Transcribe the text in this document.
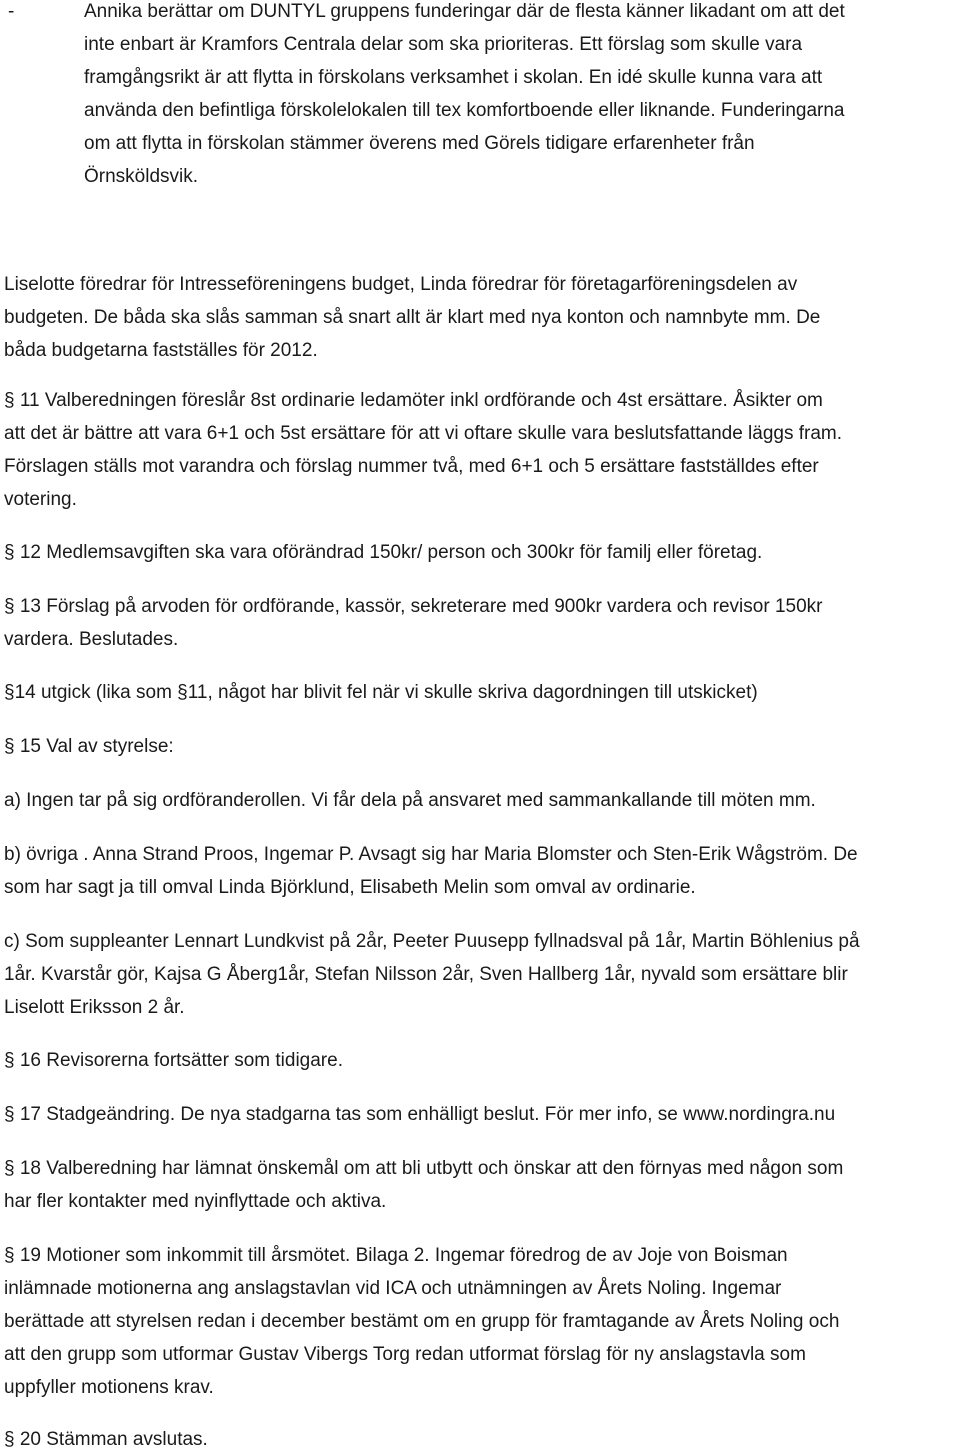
-	Annika berättar om DUNTYL gruppens funderingar där de flesta känner likadant om att det
inte enbart är Kramfors Centrala delar som ska prioriteras. Ett förslag som skulle vara
framgångsrikt är att flytta in förskolans verksamhet i skolan. En idé skulle kunna vara att
använda den befintliga förskolelokalen till tex komfortboende eller liknande. Funderingarna
om att flytta in förskolan stämmer överens med Görels tidigare erfarenheter från
Örnsköldsvik.
Liselotte föredrar för Intresseföreningens budget, Linda föredrar för företagarföreningsdelen av
budgeten. De båda ska slås samman så snart allt är klart med nya konton och namnbyte mm. De
båda budgetarna fastställes för 2012.
§ 11 Valberedningen föreslår 8st ordinarie ledamöter inkl ordförande och 4st ersättare. Åsikter om
att det är bättre att vara 6+1 och 5st ersättare för att vi oftare skulle vara beslutsfattande läggs fram.
Förslagen ställs mot varandra och förslag nummer två, med 6+1 och 5 ersättare fastställdes efter
votering.
§ 12 Medlemsavgiften ska vara oförändrad 150kr/ person och 300kr för familj eller företag.
§ 13 Förslag på arvoden för ordförande, kassör, sekreterare med 900kr vardera och revisor 150kr
vardera. Beslutades.
§14 utgick (lika som §11, något har blivit fel när vi skulle skriva dagordningen till utskicket)
§ 15 Val av styrelse:
a) Ingen tar på sig ordföranderollen. Vi får dela på ansvaret med sammankallande till möten mm.
b) övriga . Anna Strand Proos, Ingemar P. Avsagt sig har Maria Blomster och Sten-Erik Wågström. De
som har sagt ja till omval Linda Björklund, Elisabeth Melin som omval av ordinarie.
c) Som suppleanter Lennart Lundkvist på 2år, Peeter Puusepp fyllnadsval på 1år, Martin Böhlenius på
1år. Kvarstår gör, Kajsa G Åberg1år, Stefan Nilsson 2år, Sven Hallberg 1år, nyvald som ersättare blir
Liselott Eriksson 2 år.
§ 16 Revisorerna fortsätter som tidigare.
§ 17 Stadgeändring. De nya stadgarna tas som enhälligt beslut. För mer info, se www.nordingra.nu
§ 18 Valberedning har lämnat önskemål om att bli utbytt och önskar att den förnyas med någon som
har fler kontakter med nyinflyttade och aktiva.
§ 19 Motioner som inkommit till årsmötet. Bilaga 2. Ingemar föredrog de av Joje von Boisman
inlämnade motionerna ang anslagstavlan vid ICA och utnämningen av Årets Noling. Ingemar
berättade att styrelsen redan i december bestämt om en grupp för framtagande av Årets Noling och
att den grupp som utformar Gustav Vibergs Torg redan utformat förslag för ny anslagstavla som
uppfyller motionens krav.
§ 20 Stämman avslutas.
